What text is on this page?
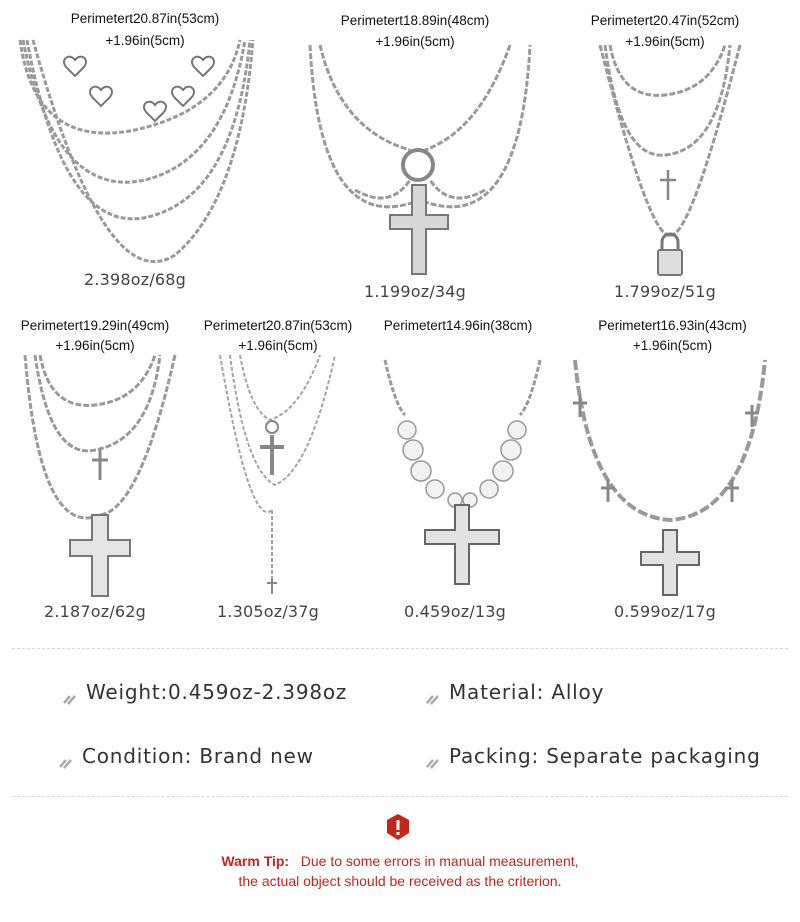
Perimetert20.87in(53cm)
+1.96in(5cm)
2.398oz/68g
Perimetert18.89in(48cm)
+1.96in(5cm)
1.199oz/34g
Perimetert20.47in(52cm)
+1.96in(5cm)
1.799oz/51g
Perimetert19.29in(49cm)
+1.96in(5cm)
2.187oz/62g
Perimetert20.87in(53cm)
+1.96in(5cm)
1.305oz/37g
Perimetert14.96in(38cm)
0.459oz/13g
Perimetert16.93in(43cm)
+1.96in(5cm)
0.599oz/17g
Weight:0.459oz-2.398oz	Material: Alloy
Condition: Brand new	Packing: Separate packaging
Warm Tip: Due to some errors in manual measurement,
the actual object should be received as the criterion.
